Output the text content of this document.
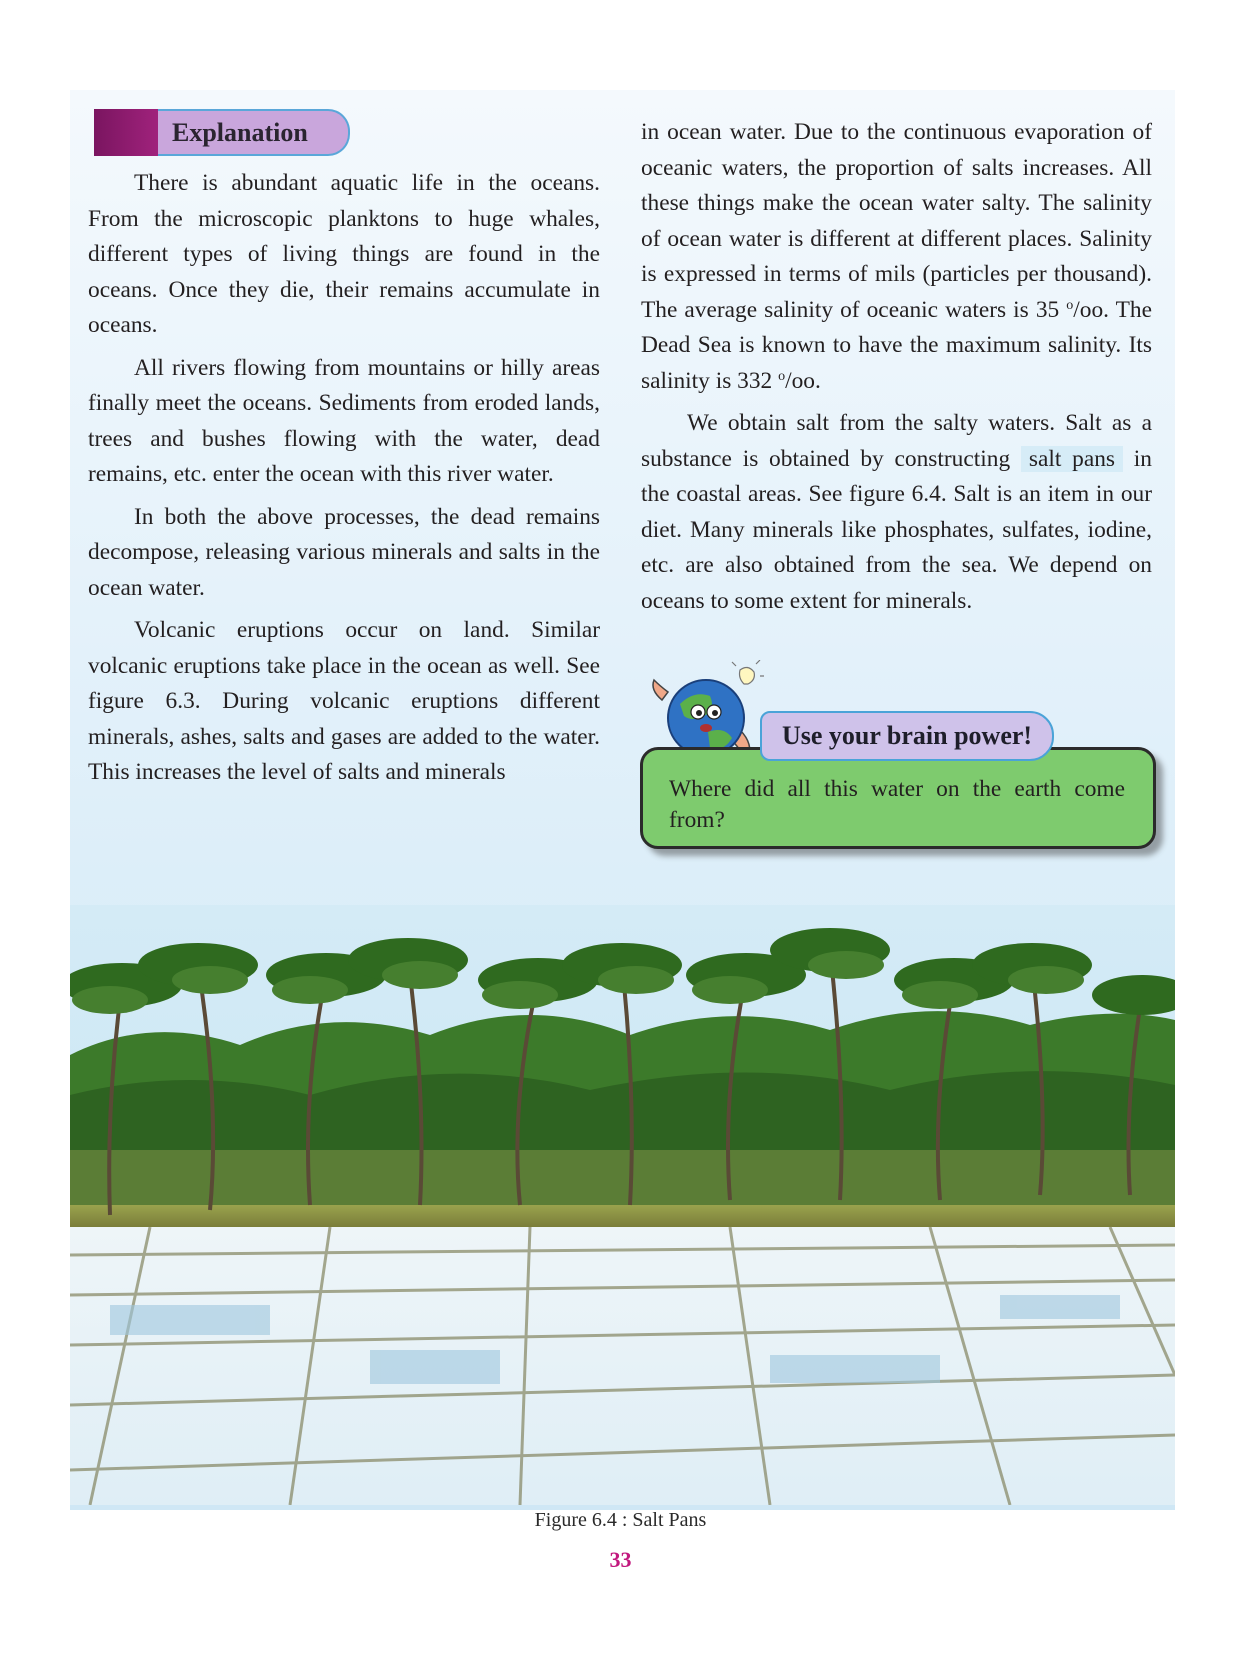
Explanation

There is abundant aquatic life in the oceans. From the microscopic planktons to huge whales, different types of living things are found in the oceans. Once they die, their remains accumulate in oceans.

All rivers flowing from mountains or hilly areas finally meet the oceans. Sediments from eroded lands, trees and bushes flowing with the water, dead remains, etc. enter the ocean with this river water.

In both the above processes, the dead remains decompose, releasing various minerals and salts in the ocean water.

Volcanic eruptions occur on land. Similar volcanic eruptions take place in the ocean as well. See figure 6.3. During volcanic eruptions different minerals, ashes, salts and gases are added to the water. This increases the level of salts and minerals

in ocean water. Due to the continuous evaporation of oceanic waters, the proportion of salts increases. All these things make the ocean water salty. The salinity of ocean water is different at different places. Salinity is expressed in terms of mils (particles per thousand). The average salinity of oceanic waters is 35 $^o$/oo. The Dead Sea is known to have the maximum salinity. Its salinity is 332 $^o$/oo.

We obtain salt from the salty waters. Salt as a substance is obtained by constructing salt pans in the coastal areas. See figure 6.4. Salt is an item in our diet. Many minerals like phosphates, sulfates, iodine, etc. are also obtained from the sea. We depend on oceans to some extent for minerals.

Where did all this water on the earth come from?
Use your brain power!
Figure 6.4 : Salt Pans
33
